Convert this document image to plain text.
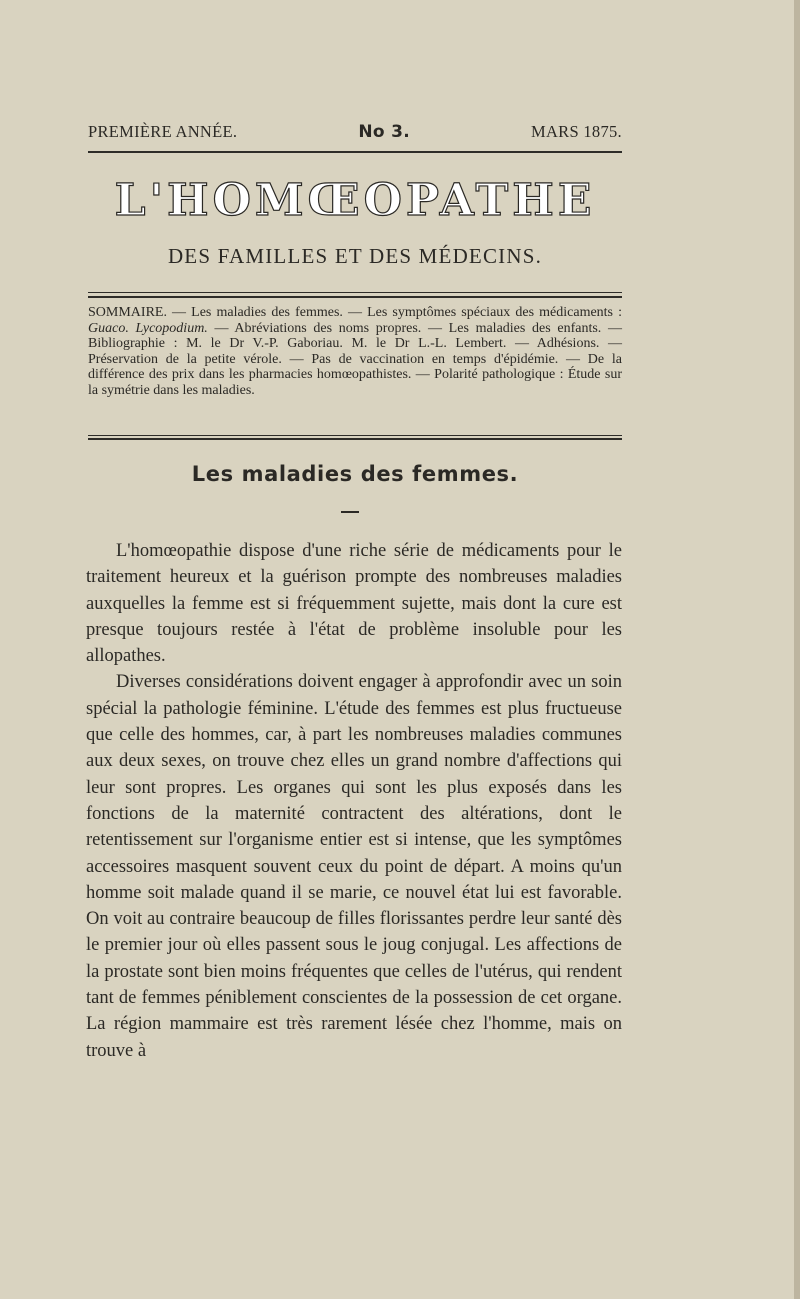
PREMIÈRE ANNÉE.	No 3.	MARS 1875.
L'HOMŒOPATHE
DES FAMILLES ET DES MÉDECINS.
SOMMAIRE. — Les maladies des femmes. — Les symptômes spéciaux des médicaments : Guaco. Lycopodium. — Abréviations des noms propres. — Les maladies des enfants. — Bibliographie : M. le Dr V.-P. Gaboriau. M. le Dr L.-L. Lembert. — Adhésions. — Préservation de la petite vérole. — Pas de vaccination en temps d'épidémie. — De la différence des prix dans les pharmacies homœopathistes. — Polarité pathologique : Étude sur la symétrie dans les maladies.
Les maladies des femmes.

L'homœopathie dispose d'une riche série de médicaments pour le traitement heureux et la guérison prompte des nombreuses maladies auxquelles la femme est si fréquemment sujette, mais dont la cure est presque toujours restée à l'état de problème insoluble pour les allopathes.

Diverses considérations doivent engager à approfondir avec un soin spécial la pathologie féminine. L'étude des femmes est plus fructueuse que celle des hommes, car, à part les nombreuses maladies communes aux deux sexes, on trouve chez elles un grand nombre d'affections qui leur sont propres. Les organes qui sont les plus exposés dans les fonctions de la maternité contractent des altérations, dont le retentissement sur l'organisme entier est si intense, que les symptômes accessoires masquent souvent ceux du point de départ. A moins qu'un homme soit malade quand il se marie, ce nouvel état lui est favorable. On voit au contraire beaucoup de filles florissantes perdre leur santé dès le premier jour où elles passent sous le joug conjugal. Les affections de la prostate sont bien moins fréquentes que celles de l'utérus, qui rendent tant de femmes péniblement conscientes de la possession de cet organe. La région mammaire est très rarement lésée chez l'homme, mais on trouve à
